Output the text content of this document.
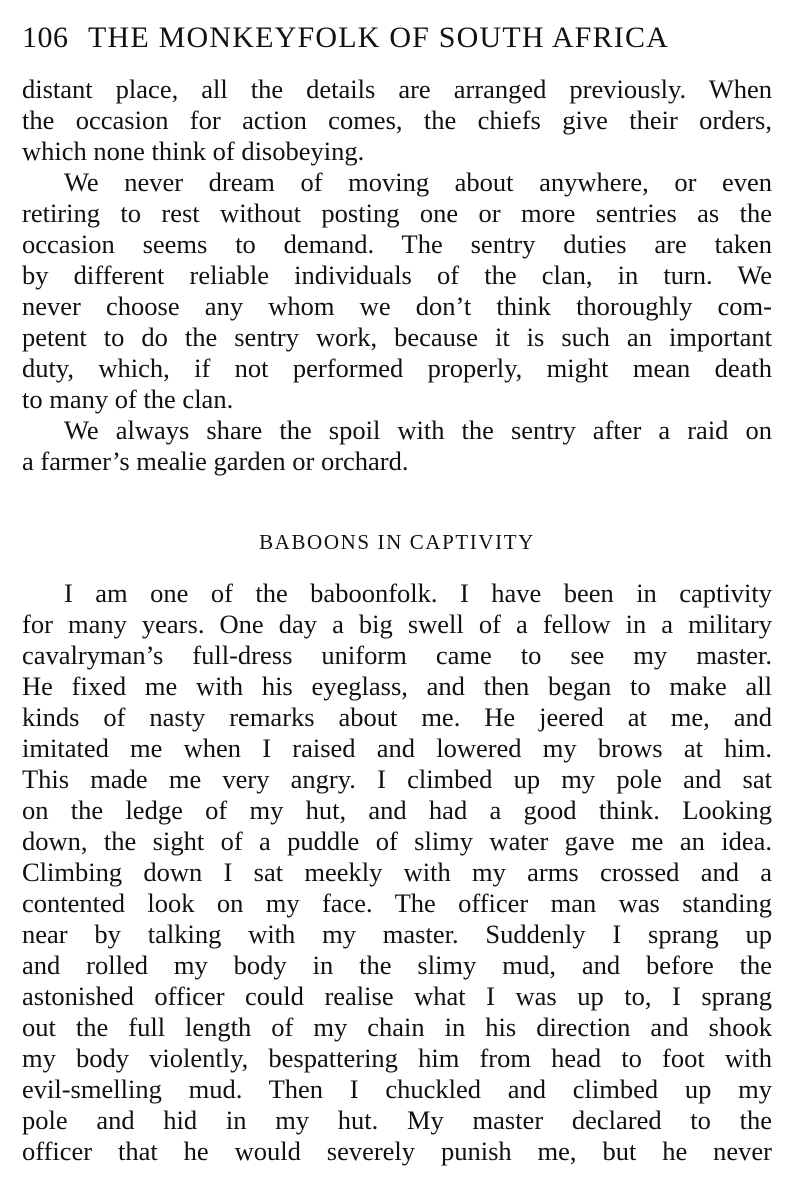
106 THE MONKEYFOLK OF SOUTH AFRICA
distant place, all the details are arranged previously. When
the occasion for action comes, the chiefs give their orders,
which none think of disobeying.
We never dream of moving about anywhere, or even
retiring to rest without posting one or more sentries as the
occasion seems to demand. The sentry duties are taken
by different reliable individuals of the clan, in turn. We
never choose any whom we don’t think thoroughly com-
petent to do the sentry work, because it is such an important
duty, which, if not performed properly, might mean death
to many of the clan.
We always share the spoil with the sentry after a raid on
a farmer’s mealie garden or orchard.
BABOONS IN CAPTIVITY
I am one of the baboonfolk. I have been in captivity
for many years. One day a big swell of a fellow in a military
cavalryman’s full-dress uniform came to see my master.
He fixed me with his eyeglass, and then began to make all
kinds of nasty remarks about me. He jeered at me, and
imitated me when I raised and lowered my brows at him.
This made me very angry. I climbed up my pole and sat
on the ledge of my hut, and had a good think. Looking
down, the sight of a puddle of slimy water gave me an idea.
Climbing down I sat meekly with my arms crossed and a
contented look on my face. The officer man was standing
near by talking with my master. Suddenly I sprang up
and rolled my body in the slimy mud, and before the
astonished officer could realise what I was up to, I sprang
out the full length of my chain in his direction and shook
my body violently, bespattering him from head to foot with
evil-smelling mud. Then I chuckled and climbed up my
pole and hid in my hut. My master declared to the
officer that he would severely punish me, but he never
